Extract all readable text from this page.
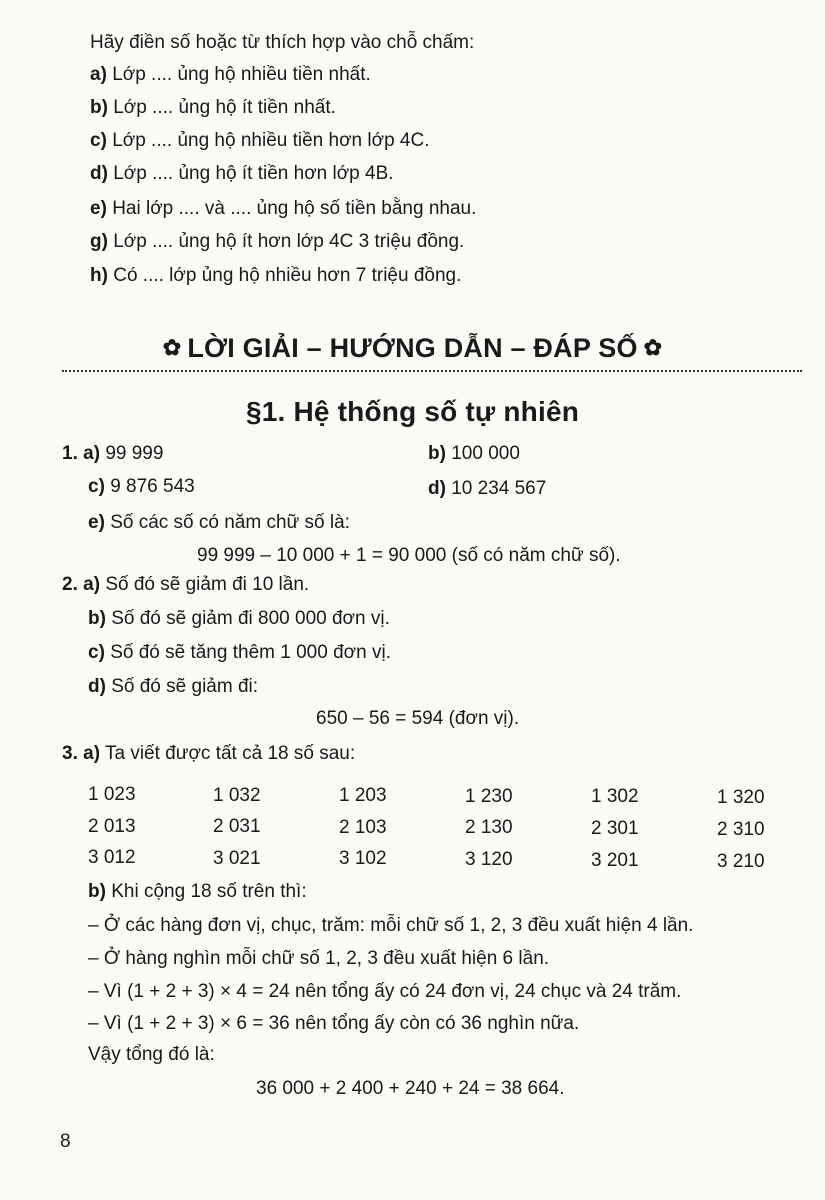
Hãy điền số hoặc từ thích hợp vào chỗ chấm:
a) Lớp .... ủng hộ nhiều tiền nhất.
b) Lớp .... ủng hộ ít tiền nhất.
c) Lớp .... ủng hộ nhiều tiền hơn lớp 4C.
d) Lớp .... ủng hộ ít tiền hơn lớp 4B.
e) Hai lớp .... và .... ủng hộ số tiền bằng nhau.
g) Lớp .... ủng hộ ít hơn lớp 4C 3 triệu đồng.
h) Có .... lớp ủng hộ nhiều hơn 7 triệu đồng.
✿ LỜI GIẢI – HƯỚNG DẪN – ĐÁP SỐ ✿
§1. Hệ thống số tự nhiên
1. a) 99 999	b) 100 000
c) 9 876 543	d) 10 234 567
e) Số các số có năm chữ số là:
99 999 – 10 000 + 1 = 90 000 (số có năm chữ số).
2. a) Số đó sẽ giảm đi 10 lần.
b) Số đó sẽ giảm đi 800 000 đơn vị.
c) Số đó sẽ tăng thêm 1 000 đơn vị.
d) Số đó sẽ giảm đi:
650 – 56 = 594 (đơn vị).
3. a) Ta viết được tất cả 18 số sau:
1 023	1 032	1 203	1 230	1 302	1 320
2 013	2 031	2 103	2 130	2 301	2 310
3 012	3 021	3 102	3 120	3 201	3 210
b) Khi cộng 18 số trên thì:
– Ở các hàng đơn vị, chục, trăm: mỗi chữ số 1, 2, 3 đều xuất hiện 4 lần.
– Ở hàng nghìn mỗi chữ số 1, 2, 3 đều xuất hiện 6 lần.
– Vì (1 + 2 + 3) × 4 = 24 nên tổng ấy có 24 đơn vị, 24 chục và 24 trăm.
– Vì (1 + 2 + 3) × 6 = 36 nên tổng ấy còn có 36 nghìn nữa.
Vậy tổng đó là:
36 000 + 2 400 + 240 + 24 = 38 664.
8
